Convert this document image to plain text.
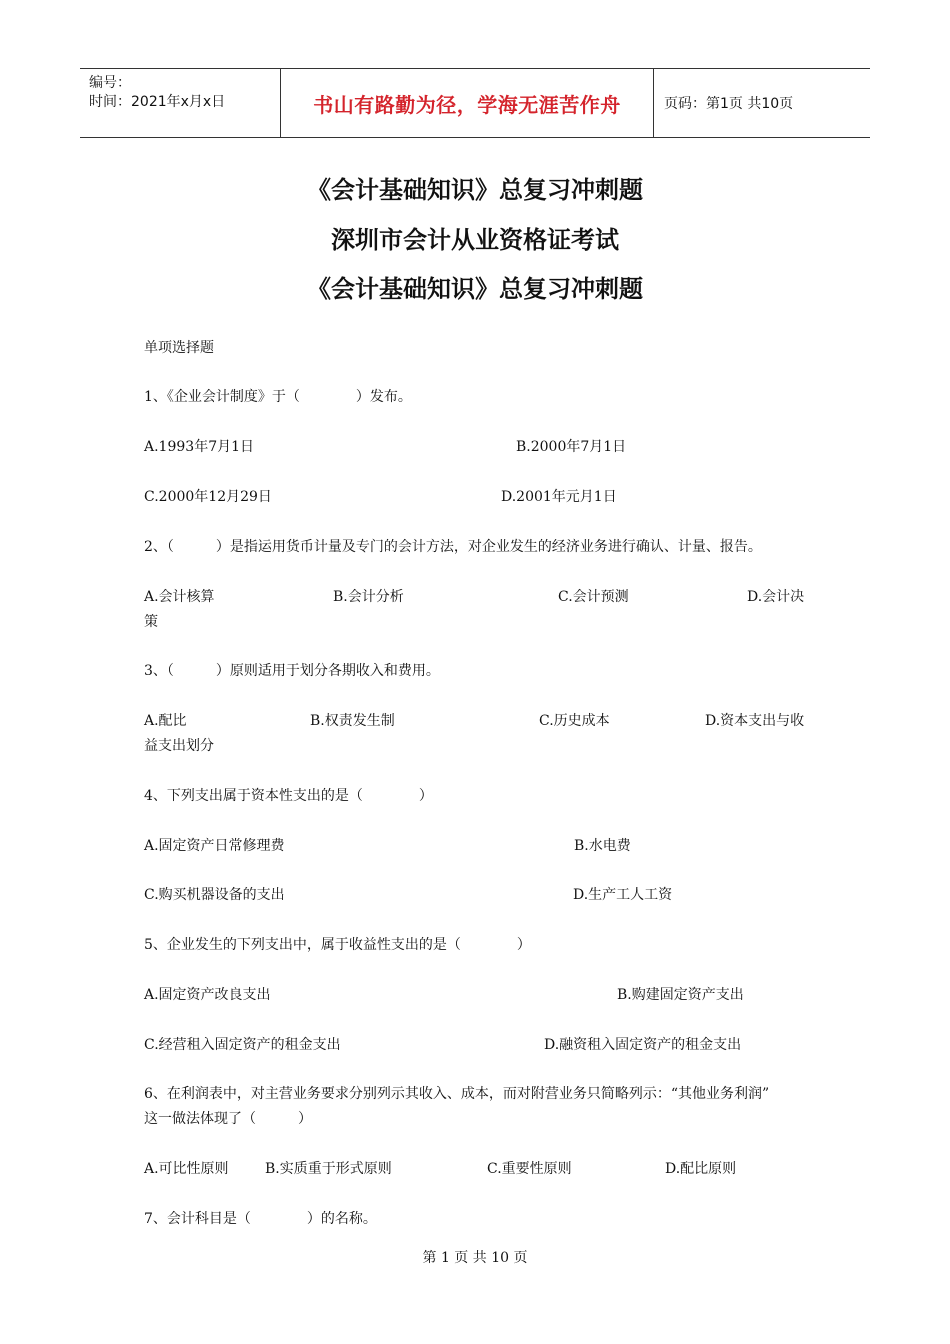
编号：
时间：2021年x月x日	书山有路勤为径，学海无涯苦作舟	页码：第1页 共10页
《会计基础知识》总复习冲刺题
深圳市会计从业资格证考试
《会计基础知识》总复习冲刺题
单项选择题
1、《企业会计制度》于（　　　　）发布。
A.1993年7月1日	B.2000年7月1日
C.2000年12月29日	D.2001年元月1日
2、（　　　）是指运用货币计量及专门的会计方法，对企业发生的经济业务进行确认、计量、报告。
A.会计核算	B.会计分析	C.会计预测	D.会计决
策
3、（　　　）原则适用于划分各期收入和费用。
A.配比	B.权责发生制	C.历史成本	D.资本支出与收
益支出划分
4、下列支出属于资本性支出的是（　　　　）
A.固定资产日常修理费	B.水电费
C.购买机器设备的支出	D.生产工人工资
5、企业发生的下列支出中，属于收益性支出的是（　　　　）
A.固定资产改良支出	B.购建固定资产支出
C.经营租入固定资产的租金支出	D.融资租入固定资产的租金支出
6、在利润表中，对主营业务要求分别列示其收入、成本，而对附营业务只简略列示：“其他业务利润”
这一做法体现了（　　　）
A.可比性原则	B.实质重于形式原则	C.重要性原则	D.配比原则
7、会计科目是（　　　　）的名称。
第 1 页 共 10 页
